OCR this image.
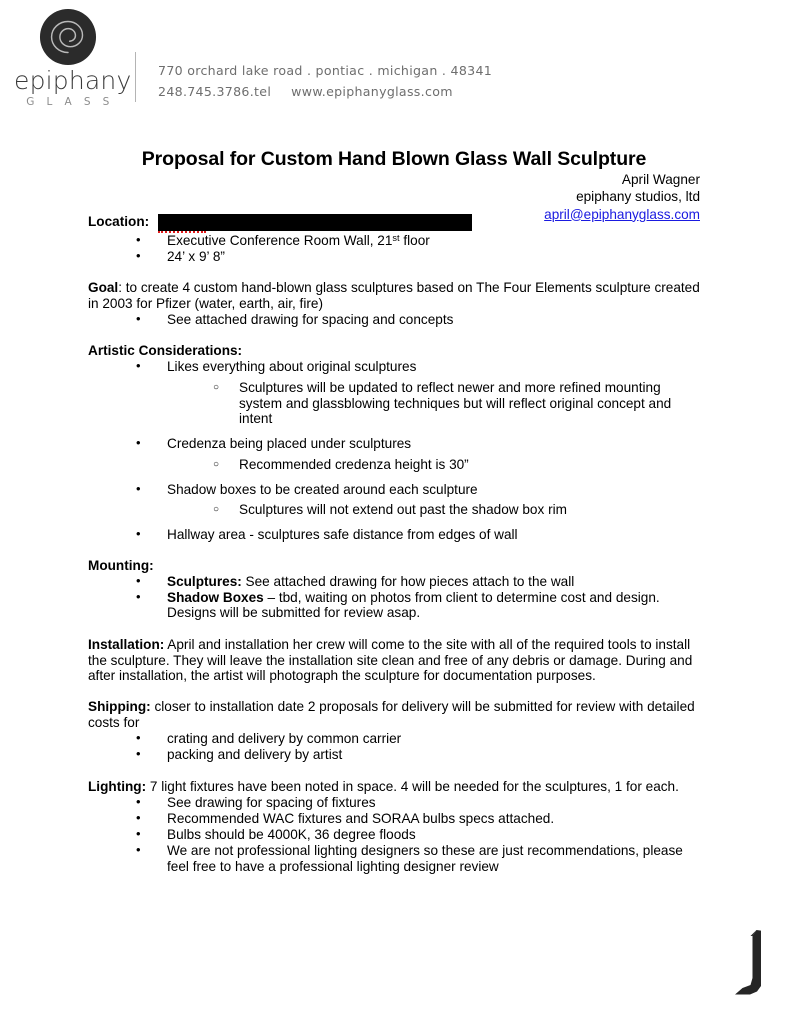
epiphany
G L A S S
770 orchard lake road . pontiac . michigan . 48341
248.745.3786.tel www.epiphanyglass.com
Proposal for Custom Hand Blown Glass Wall Sculpture
April Wagner
epiphany studios, ltd
april@epiphanyglass.com
Location:
• Executive Conference Room Wall, 21st floor
• 24’ x 9’ 8”

Goal: to create 4 custom hand-blown glass sculptures based on The Four Elements sculpture created in 2003 for Pfizer (water, earth, air, fire)

• See attached drawing for spacing and concepts

Artistic Considerations:

• Likes everything about original sculptures
○ Sculptures will be updated to reflect newer and more refined mounting system and glassblowing techniques but will reflect original concept and intent
• Credenza being placed under sculptures
○ Recommended credenza height is 30”
• Shadow boxes to be created around each sculpture
○ Sculptures will not extend out past the shadow box rim
• Hallway area - sculptures safe distance from edges of wall

Mounting:

• Sculptures: See attached drawing for how pieces attach to the wall
• Shadow Boxes – tbd, waiting on photos from client to determine cost and design. Designs will be submitted for review asap.

Installation: April and installation her crew will come to the site with all of the required tools to install the sculpture. They will leave the installation site clean and free of any debris or damage. During and after installation, the artist will photograph the sculpture for documentation purposes.

Shipping: closer to installation date 2 proposals for delivery will be submitted for review with detailed costs for

• crating and delivery by common carrier
• packing and delivery by artist

Lighting: 7 light fixtures have been noted in space. 4 will be needed for the sculptures, 1 for each.

• See drawing for spacing of fixtures
• Recommended WAC fixtures and SORAA bulbs specs attached.
• Bulbs should be 4000K, 36 degree floods
• We are not professional lighting designers so these are just recommendations, please feel free to have a professional lighting designer review
